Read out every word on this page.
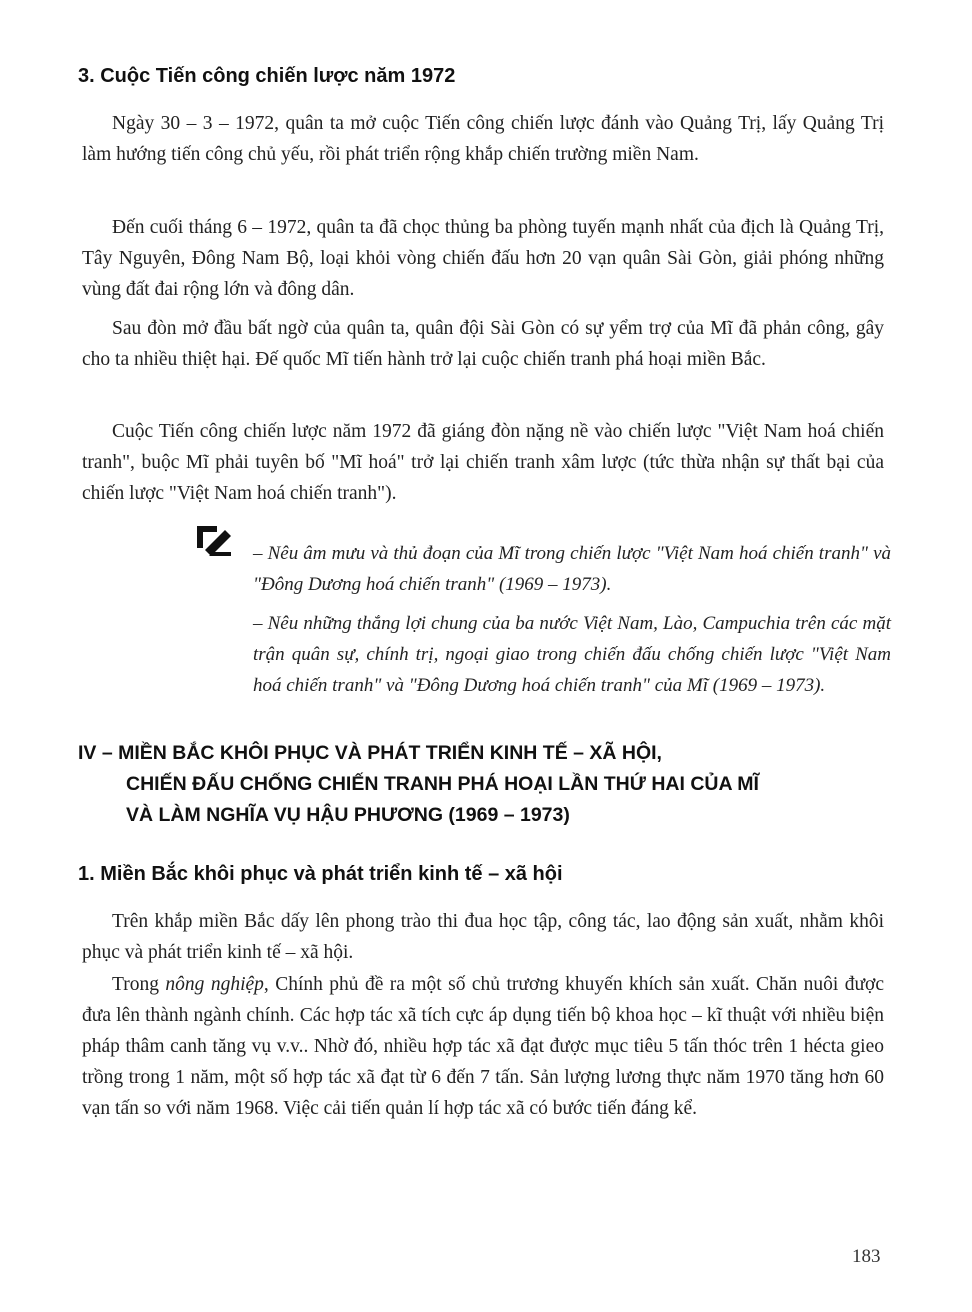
3. Cuộc Tiến công chiến lược năm 1972

Ngày 30 – 3 – 1972, quân ta mở cuộc Tiến công chiến lược đánh vào Quảng Trị, lấy Quảng Trị làm hướng tiến công chủ yếu, rồi phát triển rộng khắp chiến trường miền Nam.

Đến cuối tháng 6 – 1972, quân ta đã chọc thủng ba phòng tuyến mạnh nhất của địch là Quảng Trị, Tây Nguyên, Đông Nam Bộ, loại khỏi vòng chiến đấu hơn 20 vạn quân Sài Gòn, giải phóng những vùng đất đai rộng lớn và đông dân.

Sau đòn mở đầu bất ngờ của quân ta, quân đội Sài Gòn có sự yểm trợ của Mĩ đã phản công, gây cho ta nhiều thiệt hại. Đế quốc Mĩ tiến hành trở lại cuộc chiến tranh phá hoại miền Bắc.

Cuộc Tiến công chiến lược năm 1972 đã giáng đòn nặng nề vào chiến lược "Việt Nam hoá chiến tranh", buộc Mĩ phải tuyên bố "Mĩ hoá" trở lại chiến tranh xâm lược (tức thừa nhận sự thất bại của chiến lược "Việt Nam hoá chiến tranh").

– Nêu âm mưu và thủ đoạn của Mĩ trong chiến lược "Việt Nam hoá chiến tranh" và "Đông Dương hoá chiến tranh" (1969 – 1973).

– Nêu những thắng lợi chung của ba nước Việt Nam, Lào, Campuchia trên các mặt trận quân sự, chính trị, ngoại giao trong chiến đấu chống chiến lược "Việt Nam hoá chiến tranh" và "Đông Dương hoá chiến tranh" của Mĩ (1969 – 1973).

IV – MIỀN BẮC KHÔI PHỤC VÀ PHÁT TRIỂN KINH TẾ – XÃ HỘI,
CHIẾN ĐẤU CHỐNG CHIẾN TRANH PHÁ HOẠI LẦN THỨ HAI CỦA MĨ
VÀ LÀM NGHĨA VỤ HẬU PHƯƠNG (1969 – 1973)
1. Miền Bắc khôi phục và phát triển kinh tế – xã hội

Trên khắp miền Bắc dấy lên phong trào thi đua học tập, công tác, lao động sản xuất, nhằm khôi phục và phát triển kinh tế – xã hội.

Trong nông nghiệp, Chính phủ đề ra một số chủ trương khuyến khích sản xuất. Chăn nuôi được đưa lên thành ngành chính. Các hợp tác xã tích cực áp dụng tiến bộ khoa học – kĩ thuật với nhiều biện pháp thâm canh tăng vụ v.v.. Nhờ đó, nhiều hợp tác xã đạt được mục tiêu 5 tấn thóc trên 1 hécta gieo trồng trong 1 năm, một số hợp tác xã đạt từ 6 đến 7 tấn. Sản lượng lương thực năm 1970 tăng hơn 60 vạn tấn so với năm 1968. Việc cải tiến quản lí hợp tác xã có bước tiến đáng kể.

183
